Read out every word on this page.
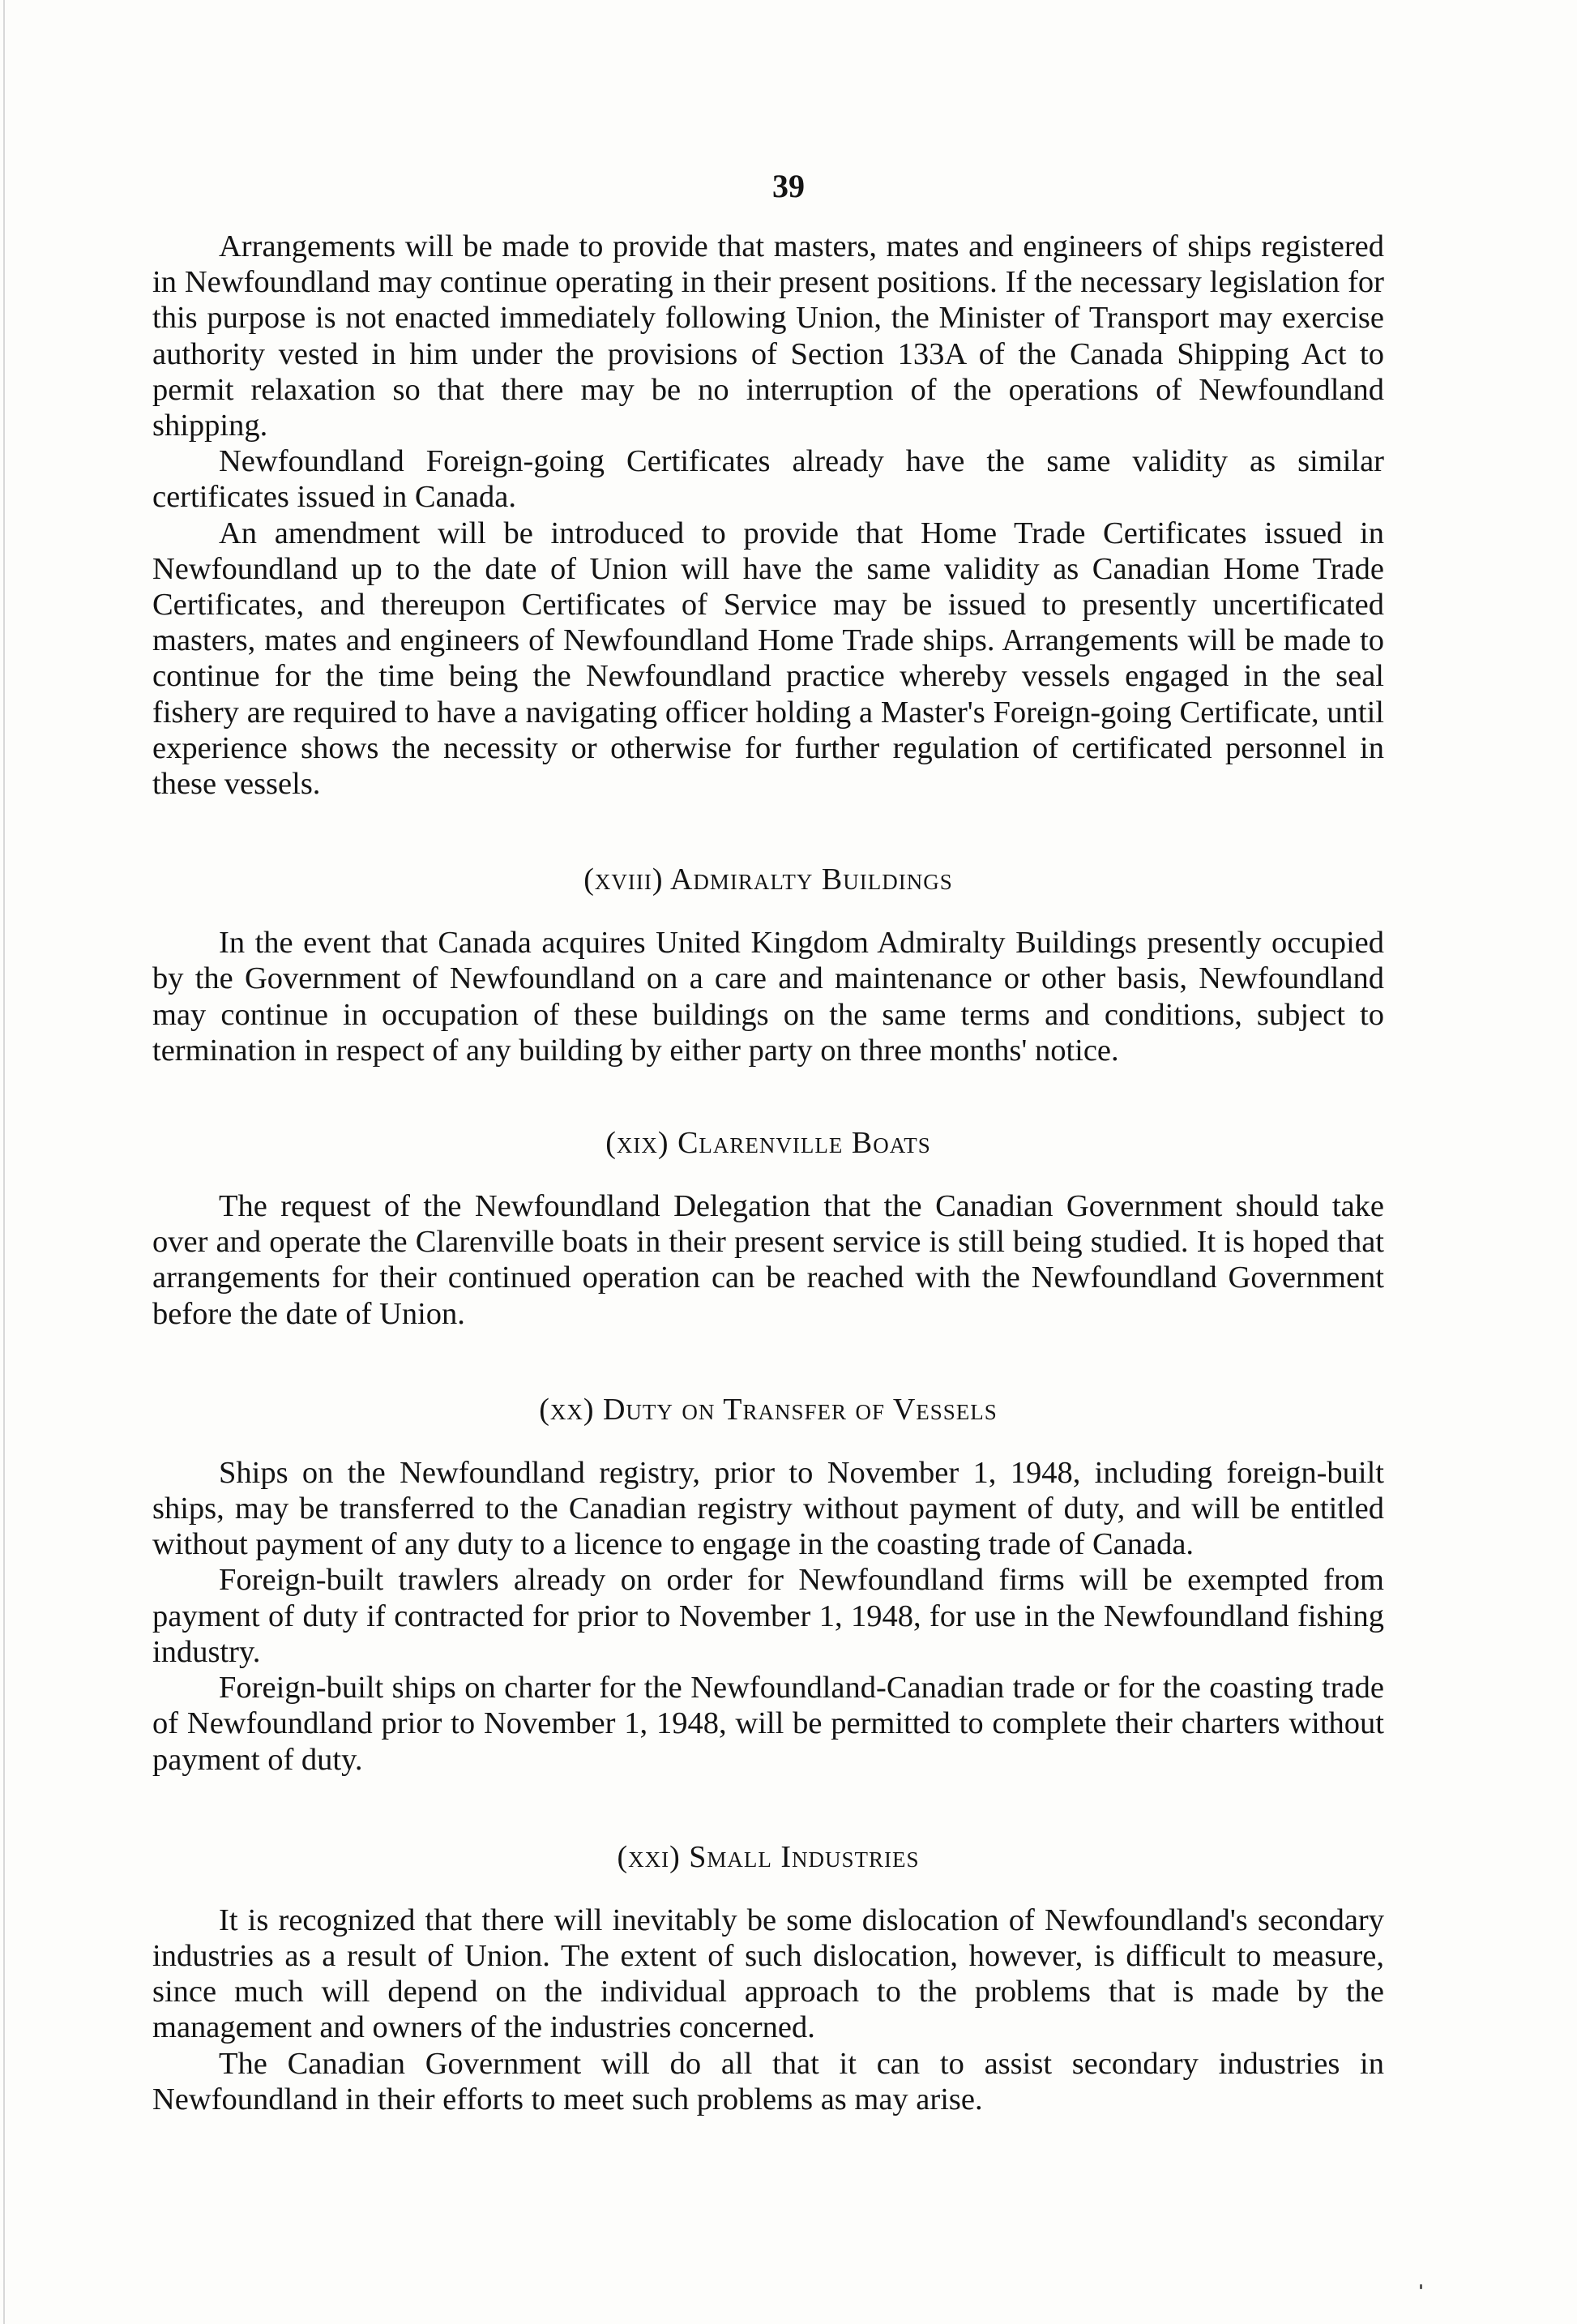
39

Arrangements will be made to provide that masters, mates and engineers of ships registered in Newfoundland may continue operating in their present positions. If the necessary legislation for this purpose is not enacted immediately following Union, the Minister of Transport may exercise authority vested in him under the provisions of Section 133A of the Canada Shipping Act to permit relaxation so that there may be no interruption of the operations of Newfoundland shipping.

Newfoundland Foreign-going Certificates already have the same validity as similar certificates issued in Canada.

An amendment will be introduced to provide that Home Trade Certificates issued in Newfoundland up to the date of Union will have the same validity as Canadian Home Trade Certificates, and thereupon Certificates of Service may be issued to presently uncertificated masters, mates and engineers of Newfoundland Home Trade ships. Arrangements will be made to continue for the time being the Newfoundland practice whereby vessels engaged in the seal fishery are required to have a navigating officer holding a Master's Foreign-going Certificate, until experience shows the necessity or otherwise for further regulation of certificated personnel in these vessels.

(xviii) Admiralty Buildings

In the event that Canada acquires United Kingdom Admiralty Buildings presently occupied by the Government of Newfoundland on a care and maintenance or other basis, Newfoundland may continue in occupation of these buildings on the same terms and conditions, subject to termination in respect of any building by either party on three months' notice.

(xix) Clarenville Boats

The request of the Newfoundland Delegation that the Canadian Government should take over and operate the Clarenville boats in their present service is still being studied. It is hoped that arrangements for their continued operation can be reached with the Newfoundland Government before the date of Union.

(xx) Duty on Transfer of Vessels

Ships on the Newfoundland registry, prior to November 1, 1948, including foreign-built ships, may be transferred to the Canadian registry without payment of duty, and will be entitled without payment of any duty to a licence to engage in the coasting trade of Canada.

Foreign-built trawlers already on order for Newfoundland firms will be exempted from payment of duty if contracted for prior to November 1, 1948, for use in the Newfoundland fishing industry.

Foreign-built ships on charter for the Newfoundland-Canadian trade or for the coasting trade of Newfoundland prior to November 1, 1948, will be permitted to complete their charters without payment of duty.

(xxi) Small Industries

It is recognized that there will inevitably be some dislocation of Newfoundland's secondary industries as a result of Union. The extent of such dislocation, however, is difficult to measure, since much will depend on the individual approach to the problems that is made by the management and owners of the industries concerned.

The Canadian Government will do all that it can to assist secondary industries in Newfoundland in their efforts to meet such problems as may arise.
